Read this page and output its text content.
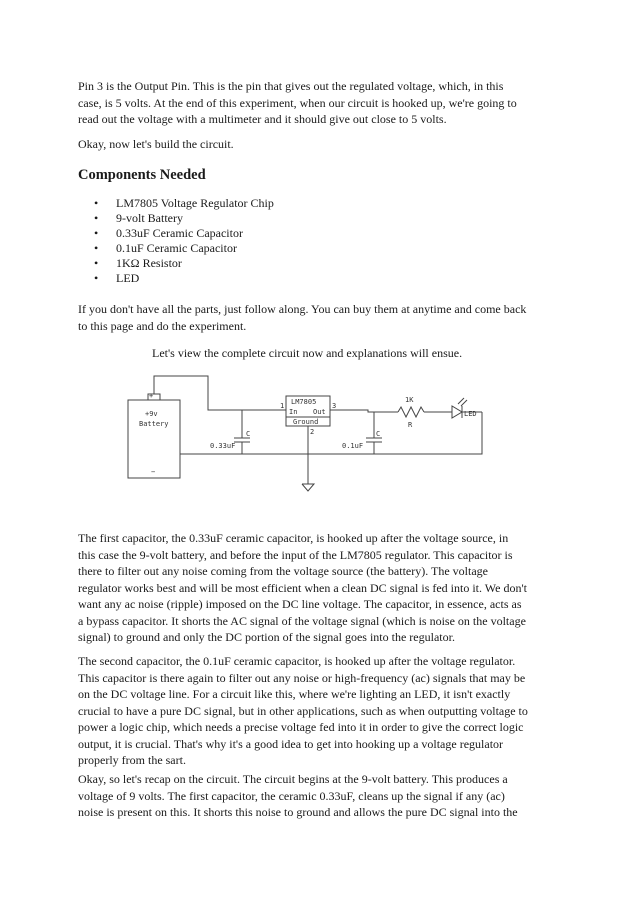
Pin 3 is the Output Pin. This is the pin that gives out the regulated voltage, which, in this
case, is 5 volts. At the end of this experiment, when our circuit is hooked up, we're going to
read out the voltage with a multimeter and it should give out close to 5 volts.

Okay, now let's build the circuit.

Components Needed
• LM7805 Voltage Regulator Chip
• 9-volt Battery
• 0.33uF Ceramic Capacitor
• 0.1uF Ceramic Capacitor
• 1KΩ Resistor
• LED

If you don't have all the parts, just follow along. You can buy them at anytime and come back
to this page and do the experiment.

Let's view the complete circuit now and explanations will ensue.

+
+9v
Battery
−
LM7805
In Out
Ground
1
2
3
C
0.33uF
C
0.1uF
1K
R
LED

The first capacitor, the 0.33uF ceramic capacitor, is hooked up after the voltage source, in
this case the 9-volt battery, and before the input of the LM7805 regulator. This capacitor is
there to filter out any noise coming from the voltage source (the battery). The voltage
regulator works best and will be most efficient when a clean DC signal is fed into it. We don't
want any ac noise (ripple) imposed on the DC line voltage. The capacitor, in essence, acts as
a bypass capacitor. It shorts the AC signal of the voltage signal (which is noise on the voltage
signal) to ground and only the DC portion of the signal goes into the regulator.

The second capacitor, the 0.1uF ceramic capacitor, is hooked up after the voltage regulator.
This capacitor is there again to filter out any noise or high-frequency (ac) signals that may be
on the DC voltage line. For a circuit like this, where we're lighting an LED, it isn't exactly
crucial to have a pure DC signal, but in other applications, such as when outputting voltage to
power a logic chip, which needs a precise voltage fed into it in order to give the correct logic
output, it is crucial. That's why it's a good idea to get into hooking up a voltage regulator
properly from the sart.

Okay, so let's recap on the circuit. The circuit begins at the 9-volt battery. This produces a
voltage of 9 volts. The first capacitor, the ceramic 0.33uF, cleans up the signal if any (ac)
noise is present on this. It shorts this noise to ground and allows the pure DC signal into the
